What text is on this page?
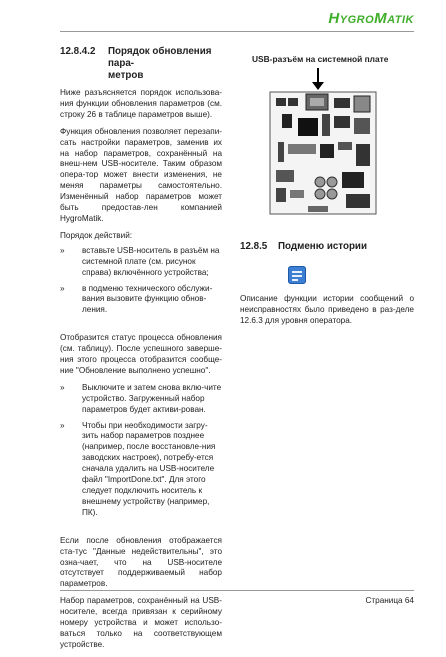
HYGROMATIK
12.8.4.2	Порядок обновления пара-
метров

Ниже разъясняется порядок использова-ния функции обновления параметров (см. строку 26 в таблице параметров выше).

Функция обновления позволяет перезапи-сать настройки параметров, заменив их на набор параметров, сохранённый на внеш-нем USB-носителе. Таким образом опера-тор может внести изменения, не меняя параметры самостоятельно. Изменённый набор параметров может быть предостав-лен компанией HygroMatik.

Порядок действий:

»	вставьте USB-носитель в разъём на системной плате (см. рисунок справа) включённого устройства;
»	в подменю технического обслужи-вания вызовите функцию обнов-ления.

Отобразится статус процесса обновления (см. таблицу). После успешного заверше-ния этого процесса отобразится сообще-ние "Обновление выполнено успешно".

»	Выключите и затем снова вклю-чите устройство. Загруженный набор параметров будет активи-рован.
»	Чтобы при необходимости загру-зить набор параметров позднее (например, после восстановле-ния заводских настроек), потребу-ется сначала удалить на USB-носителе файл "ImportDone.txt". Для этого следует подключить носитель к внешнему устройству (например, ПК).

Если после обновления отображается ста-тус "Данные недействительны", это озна-чает, что на USB-носителе отсутствует поддерживаемый набор параметров.

Набор параметров, сохранённый на USB-носителе, всегда привязан к серийному номеру устройства и может использо-ваться только на соответствующем устройстве.

USB-разъём на системной плате
12.8.5	Подменю истории

Описание функции истории сообщений о неисправностях было приведено в раз-деле 12.6.3 для уровня оператора.

Страница 64
